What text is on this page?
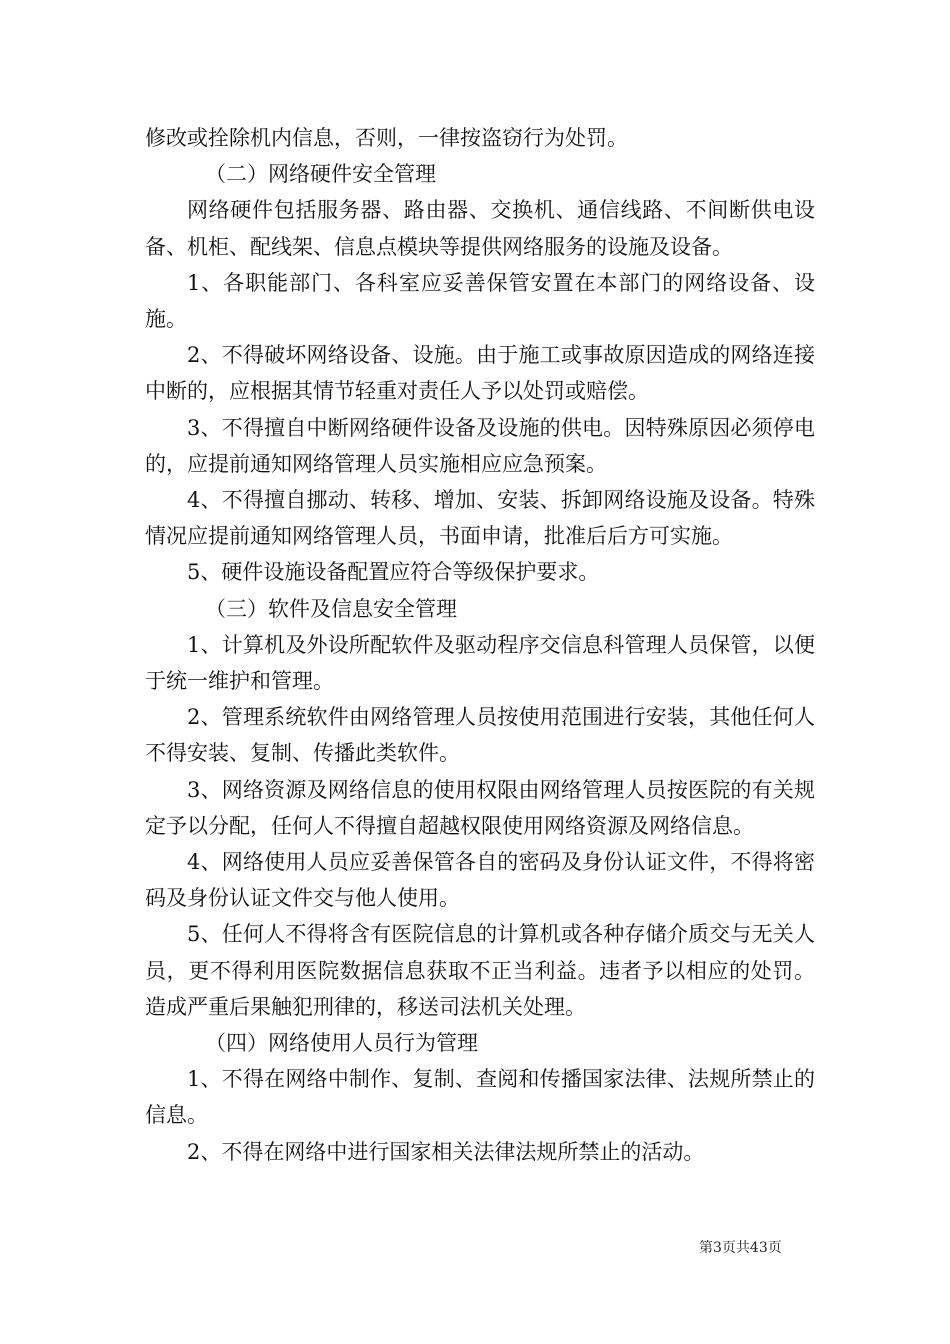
修改或拴除机内信息，否则，一律按盗窃行为处罚。

（二）网络硬件安全管理

网络硬件包括服务器、路由器、交换机、通信线路、不间断供电设备、机柜、配线架、信息点模块等提供网络服务的设施及设备。

1、各职能部门、各科室应妥善保管安置在本部门的网络设备、设施。

2、不得破坏网络设备、设施。由于施工或事故原因造成的网络连接中断的，应根据其情节轻重对责任人予以处罚或赔偿。

3、不得擅自中断网络硬件设备及设施的供电。因特殊原因必须停电的，应提前通知网络管理人员实施相应应急预案。

4、不得擅自挪动、转移、增加、安装、拆卸网络设施及设备。特殊情况应提前通知网络管理人员，书面申请，批准后后方可实施。

5、硬件设施设备配置应符合等级保护要求。

（三）软件及信息安全管理

1、计算机及外设所配软件及驱动程序交信息科管理人员保管，以便于统一维护和管理。

2、管理系统软件由网络管理人员按使用范围进行安装，其他任何人不得安装、复制、传播此类软件。

3、网络资源及网络信息的使用权限由网络管理人员按医院的有关规定予以分配，任何人不得擅自超越权限使用网络资源及网络信息。

4、网络使用人员应妥善保管各自的密码及身份认证文件，不得将密码及身份认证文件交与他人使用。

5、任何人不得将含有医院信息的计算机或各种存储介质交与无关人员，更不得利用医院数据信息获取不正当利益。违者予以相应的处罚。造成严重后果触犯刑律的，移送司法机关处理。

（四）网络使用人员行为管理

1、不得在网络中制作、复制、查阅和传播国家法律、法规所禁止的信息。

2、不得在网络中进行国家相关法律法规所禁止的活动。

第3页共43页
